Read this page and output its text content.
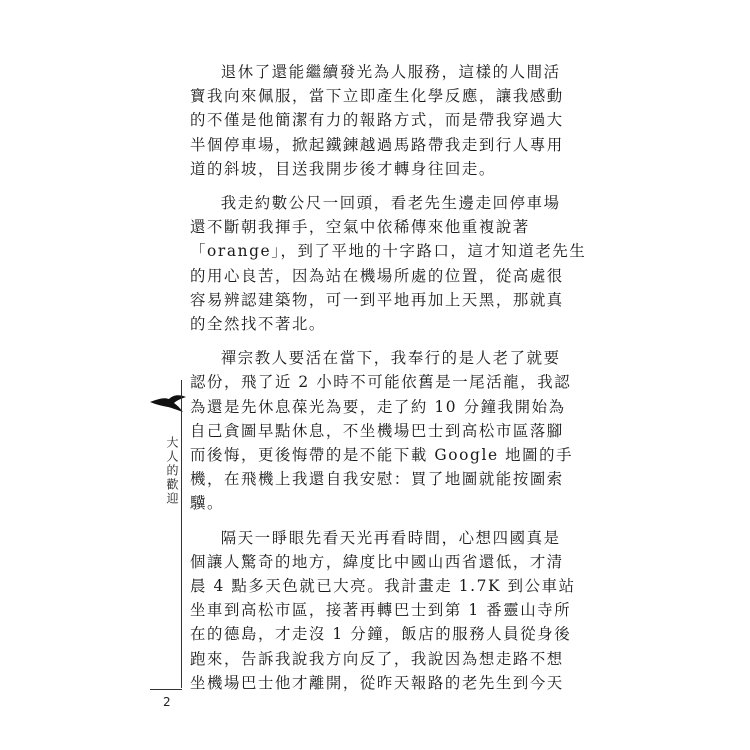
退休了還能繼續發光為人服務，這樣的人間活
寶我向來佩服，當下立即產生化學反應，讓我感動
的不僅是他簡潔有力的報路方式，而是帶我穿過大
半個停車場，掀起鐵鍊越過馬路帶我走到行人專用
道的斜坡，目送我開步後才轉身往回走。

我走約數公尺一回頭，看老先生邊走回停車場
還不斷朝我揮手，空氣中依稀傳來他重複說著
「orange」，到了平地的十字路口，這才知道老先生
的用心良苦，因為站在機場所處的位置，從高處很
容易辨認建築物，可一到平地再加上天黑，那就真
的全然找不著北。

禪宗教人要活在當下，我奉行的是人老了就要
認份，飛了近 2 小時不可能依舊是一尾活龍，我認
為還是先休息葆光為要，走了約 10 分鐘我開始為
自己貪圖早點休息，不坐機場巴士到高松市區落腳
而後悔，更後悔帶的是不能下載 Google 地圖的手
機，在飛機上我還自我安慰：買了地圖就能按圖索
驥。

隔天一睜眼先看天光再看時間，心想四國真是
個讓人驚奇的地方，緯度比中國山西省還低，才清
晨 4 點多天色就已大亮。我計畫走 1.7K 到公車站
坐車到高松市區，接著再轉巴士到第 1 番靈山寺所
在的德島，才走沒 1 分鐘，飯店的服務人員從身後
跑來，告訴我說我方向反了，我說因為想走路不想
坐機場巴士他才離開，從昨天報路的老先生到今天

大人的歡迎
2
